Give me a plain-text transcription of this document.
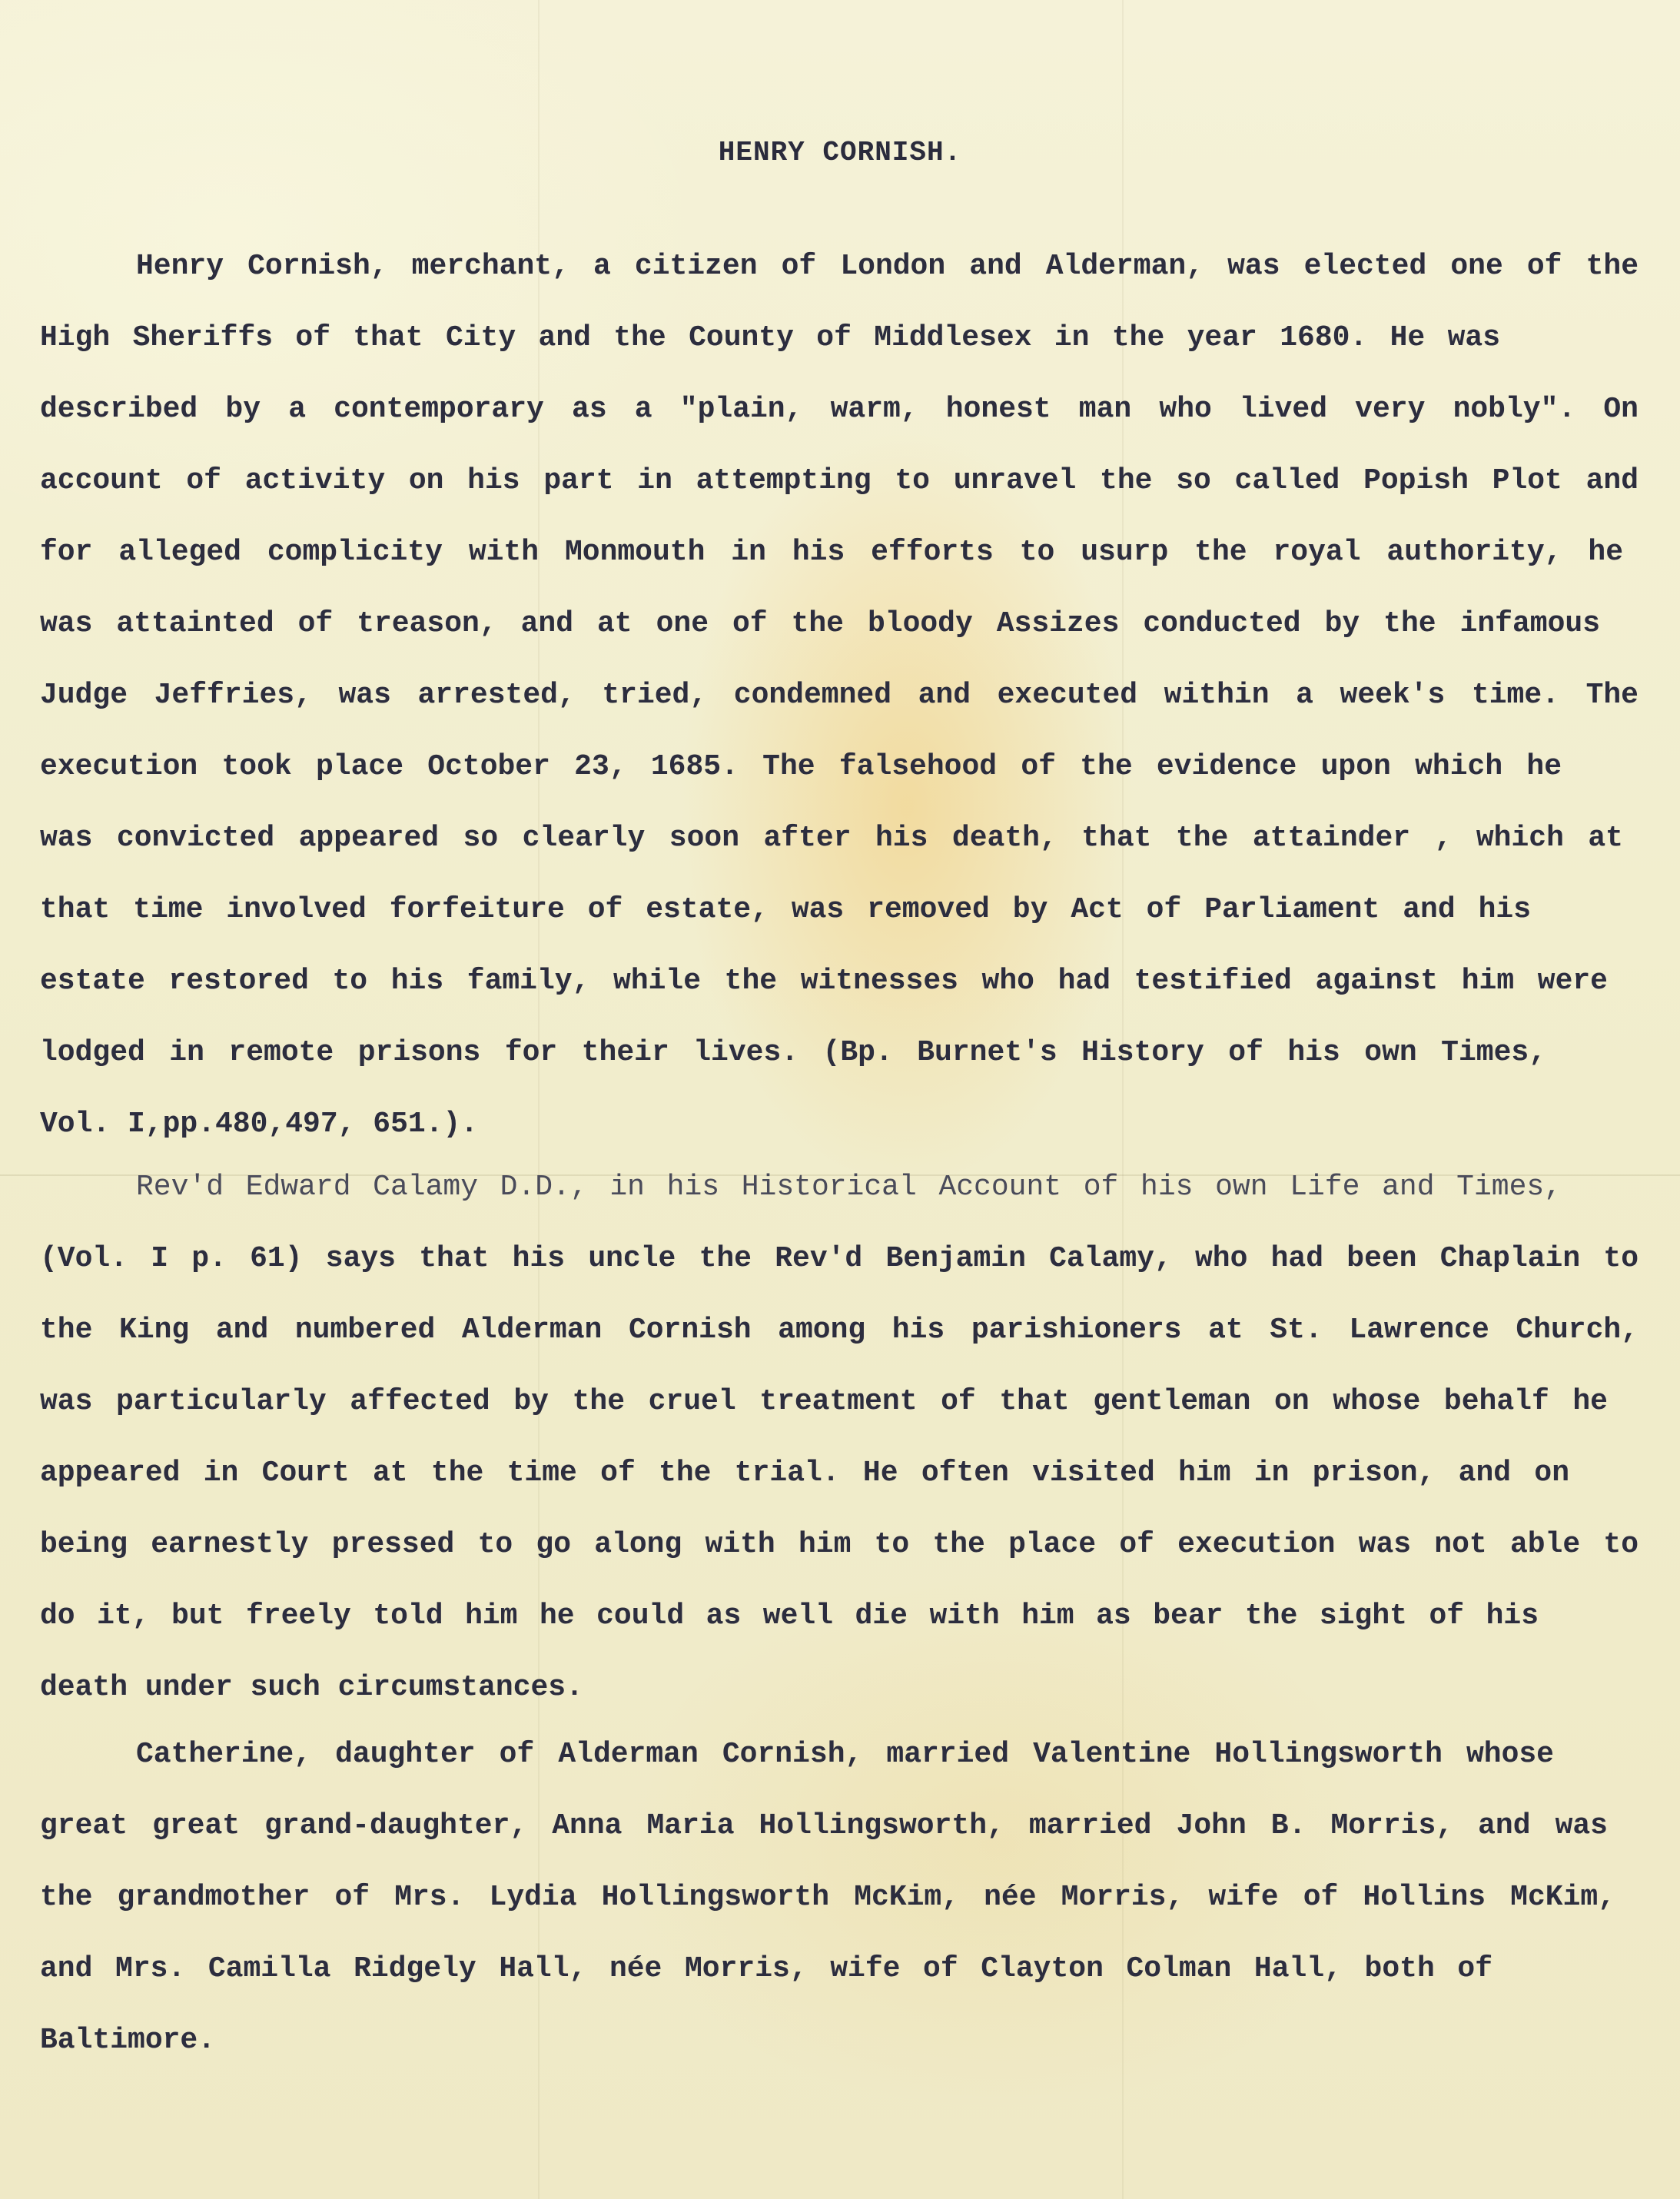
HENRY CORNISH.
Henry Cornish, merchant, a citizen of London and Alderman, was elected one of the
High Sheriffs of that City and the County of Middlesex in the year 1680. He was
described by a contemporary as a "plain, warm, honest man who lived very nobly". On
account of activity on his part in attempting to unravel the so called Popish Plot and
for alleged complicity with Monmouth in his efforts to usurp the royal authority, he
was attainted of treason, and at one of the bloody Assizes conducted by the infamous
Judge Jeffries, was arrested, tried, condemned and executed within a week's time. The
execution took place October 23, 1685. The falsehood of the evidence upon which he
was convicted appeared so clearly soon after his death, that the attainder , which at
that time involved forfeiture of estate, was removed by Act of Parliament and his
estate restored to his family, while the witnesses who had testified against him were
lodged in remote prisons for their lives. (Bp. Burnet's History of his own Times,
Vol. I,pp.480,497, 651.).
Rev'd Edward Calamy D.D., in his Historical Account of his own Life and Times,
(Vol. I p. 61) says that his uncle the Rev'd Benjamin Calamy, who had been Chaplain to
the King and numbered Alderman Cornish among his parishioners at St. Lawrence Church,
was particularly affected by the cruel treatment of that gentleman on whose behalf he
appeared in Court at the time of the trial. He often visited him in prison, and on
being earnestly pressed to go along with him to the place of execution was not able to
do it, but freely told him he could as well die with him as bear the sight of his
death under such circumstances.
Catherine, daughter of Alderman Cornish, married Valentine Hollingsworth whose
great great grand-daughter, Anna Maria Hollingsworth, married John B. Morris, and was
the grandmother of Mrs. Lydia Hollingsworth McKim, née Morris, wife of Hollins McKim,
and Mrs. Camilla Ridgely Hall, née Morris, wife of Clayton Colman Hall, both of
Baltimore.
